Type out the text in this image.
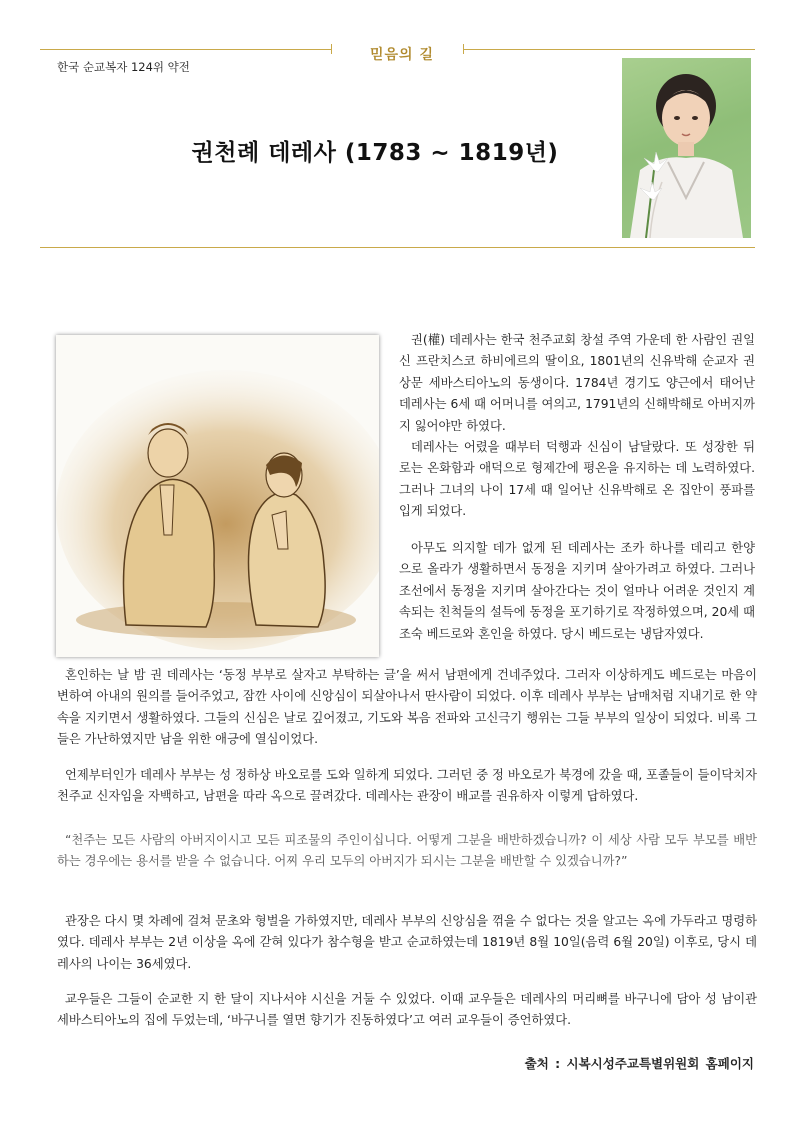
믿음의 길
한국 순교복자 124위 약전
권천례 데레사 (1783 ~ 1819년)

권(權) 데레사는 한국 천주교회 창설 주역 가운데 한 사람인 권일신 프란치스코 하비에르의 딸이요, 1801년의 신유박해 순교자 권상문 세바스티아노의 동생이다. 1784년 경기도 양근에서 태어난 데레사는 6세 때 어머니를 여의고, 1791년의 신해박해로 아버지까지 잃어야만 하였다.

데레사는 어렸을 때부터 덕행과 신심이 남달랐다. 또 성장한 뒤로는 온화함과 애덕으로 형제간에 평온을 유지하는 데 노력하였다. 그러나 그녀의 나이 17세 때 일어난 신유박해로 온 집안이 풍파를 입게 되었다.

아무도 의지할 데가 없게 된 데레사는 조카 하나를 데리고 한양으로 올라가 생활하면서 동정을 지키며 살아가려고 하였다. 그러나 조선에서 동정을 지키며 살아간다는 것이 얼마나 어려운 것인지 계속되는 친척들의 설득에 동정을 포기하기로 작정하였으며, 20세 때 조숙 베드로와 혼인을 하였다. 당시 베드로는 냉담자였다.

혼인하는 날 밤 권 데레사는 ‘동정 부부로 살자고 부탁하는 글’을 써서 남편에게 건네주었다. 그러자 이상하게도 베드로는 마음이 변하여 아내의 원의를 들어주었고, 잠깐 사이에 신앙심이 되살아나서 딴사람이 되었다. 이후 데레사 부부는 남매처럼 지내기로 한 약속을 지키면서 생활하였다. 그들의 신심은 날로 깊어졌고, 기도와 복음 전파와 고신극기 행위는 그들 부부의 일상이 되었다. 비록 그들은 가난하였지만 남을 위한 애긍에 열심이었다.

언제부터인가 데레사 부부는 성 정하상 바오로를 도와 일하게 되었다. 그러던 중 정 바오로가 북경에 갔을 때, 포졸들이 들이닥치자 천주교 신자임을 자백하고, 남편을 따라 옥으로 끌려갔다. 데레사는 관장이 배교를 권유하자 이렇게 답하였다.

“천주는 모든 사람의 아버지이시고 모든 피조물의 주인이십니다. 어떻게 그분을 배반하겠습니까? 이 세상 사람 모두 부모를 배반하는 경우에는 용서를 받을 수 없습니다. 어찌 우리 모두의 아버지가 되시는 그분을 배반할 수 있겠습니까?”

관장은 다시 몇 차례에 걸쳐 문초와 형벌을 가하였지만, 데레사 부부의 신앙심을 꺾을 수 없다는 것을 알고는 옥에 가두라고 명령하였다. 데레사 부부는 2년 이상을 옥에 갇혀 있다가 참수형을 받고 순교하였는데 1819년 8월 10일(음력 6월 20일) 이후로, 당시 데레사의 나이는 36세였다.

교우들은 그들이 순교한 지 한 달이 지나서야 시신을 거둘 수 있었다. 이때 교우들은 데레사의 머리뼈를 바구니에 담아 성 남이관 세바스티아노의 집에 두었는데, ‘바구니를 열면 향기가 진동하였다’고 여러 교우들이 증언하였다.

출처 : 시복시성주교특별위원회 홈페이지
